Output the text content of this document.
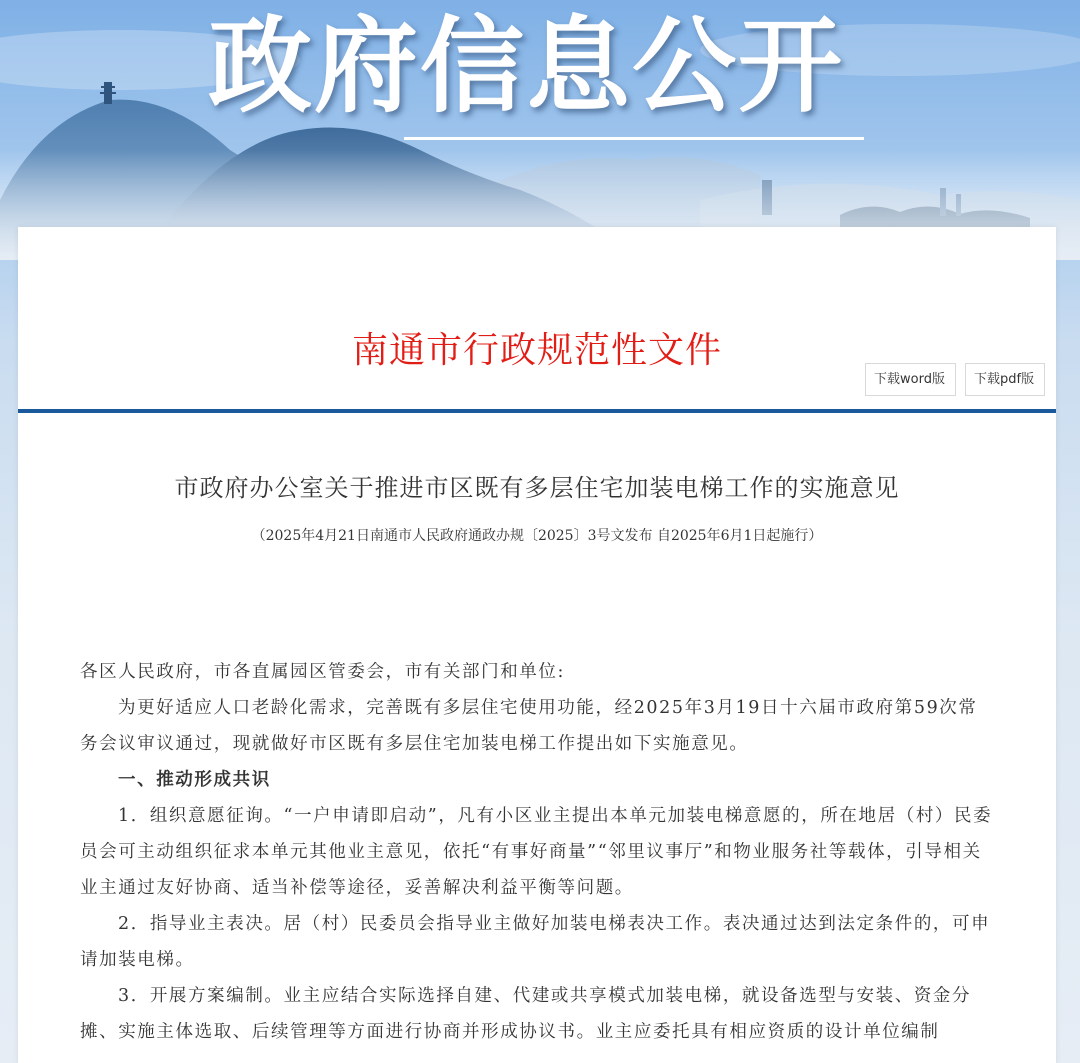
政府信息公开
南通市行政规范性文件
下载word版	下载pdf版
市政府办公室关于推进市区既有多层住宅加装电梯工作的实施意见
（2025年4月21日南通市人民政府通政办规〔2025〕3号文发布 自2025年6月1日起施行）

各区人民政府，市各直属园区管委会，市有关部门和单位:

为更好适应人口老龄化需求，完善既有多层住宅使用功能，经2025年3月19日十六届市政府第59次常务会议审议通过，现就做好市区既有多层住宅加装电梯工作提出如下实施意见。

一、推动形成共识

1．组织意愿征询。“一户申请即启动”，凡有小区业主提出本单元加装电梯意愿的，所在地居（村）民委员会可主动组织征求本单元其他业主意见，依托“有事好商量”“邻里议事厅”和物业服务社等载体，引导相关业主通过友好协商、适当补偿等途径，妥善解决利益平衡等问题。

2．指导业主表决。居（村）民委员会指导业主做好加装电梯表决工作。表决通过达到法定条件的，可申请加装电梯。

3．开展方案编制。业主应结合实际选择自建、代建或共享模式加装电梯，就设备选型与安装、资金分摊、实施主体选取、后续管理等方面进行协商并形成协议书。业主应委托具有相应资质的设计单位编制
